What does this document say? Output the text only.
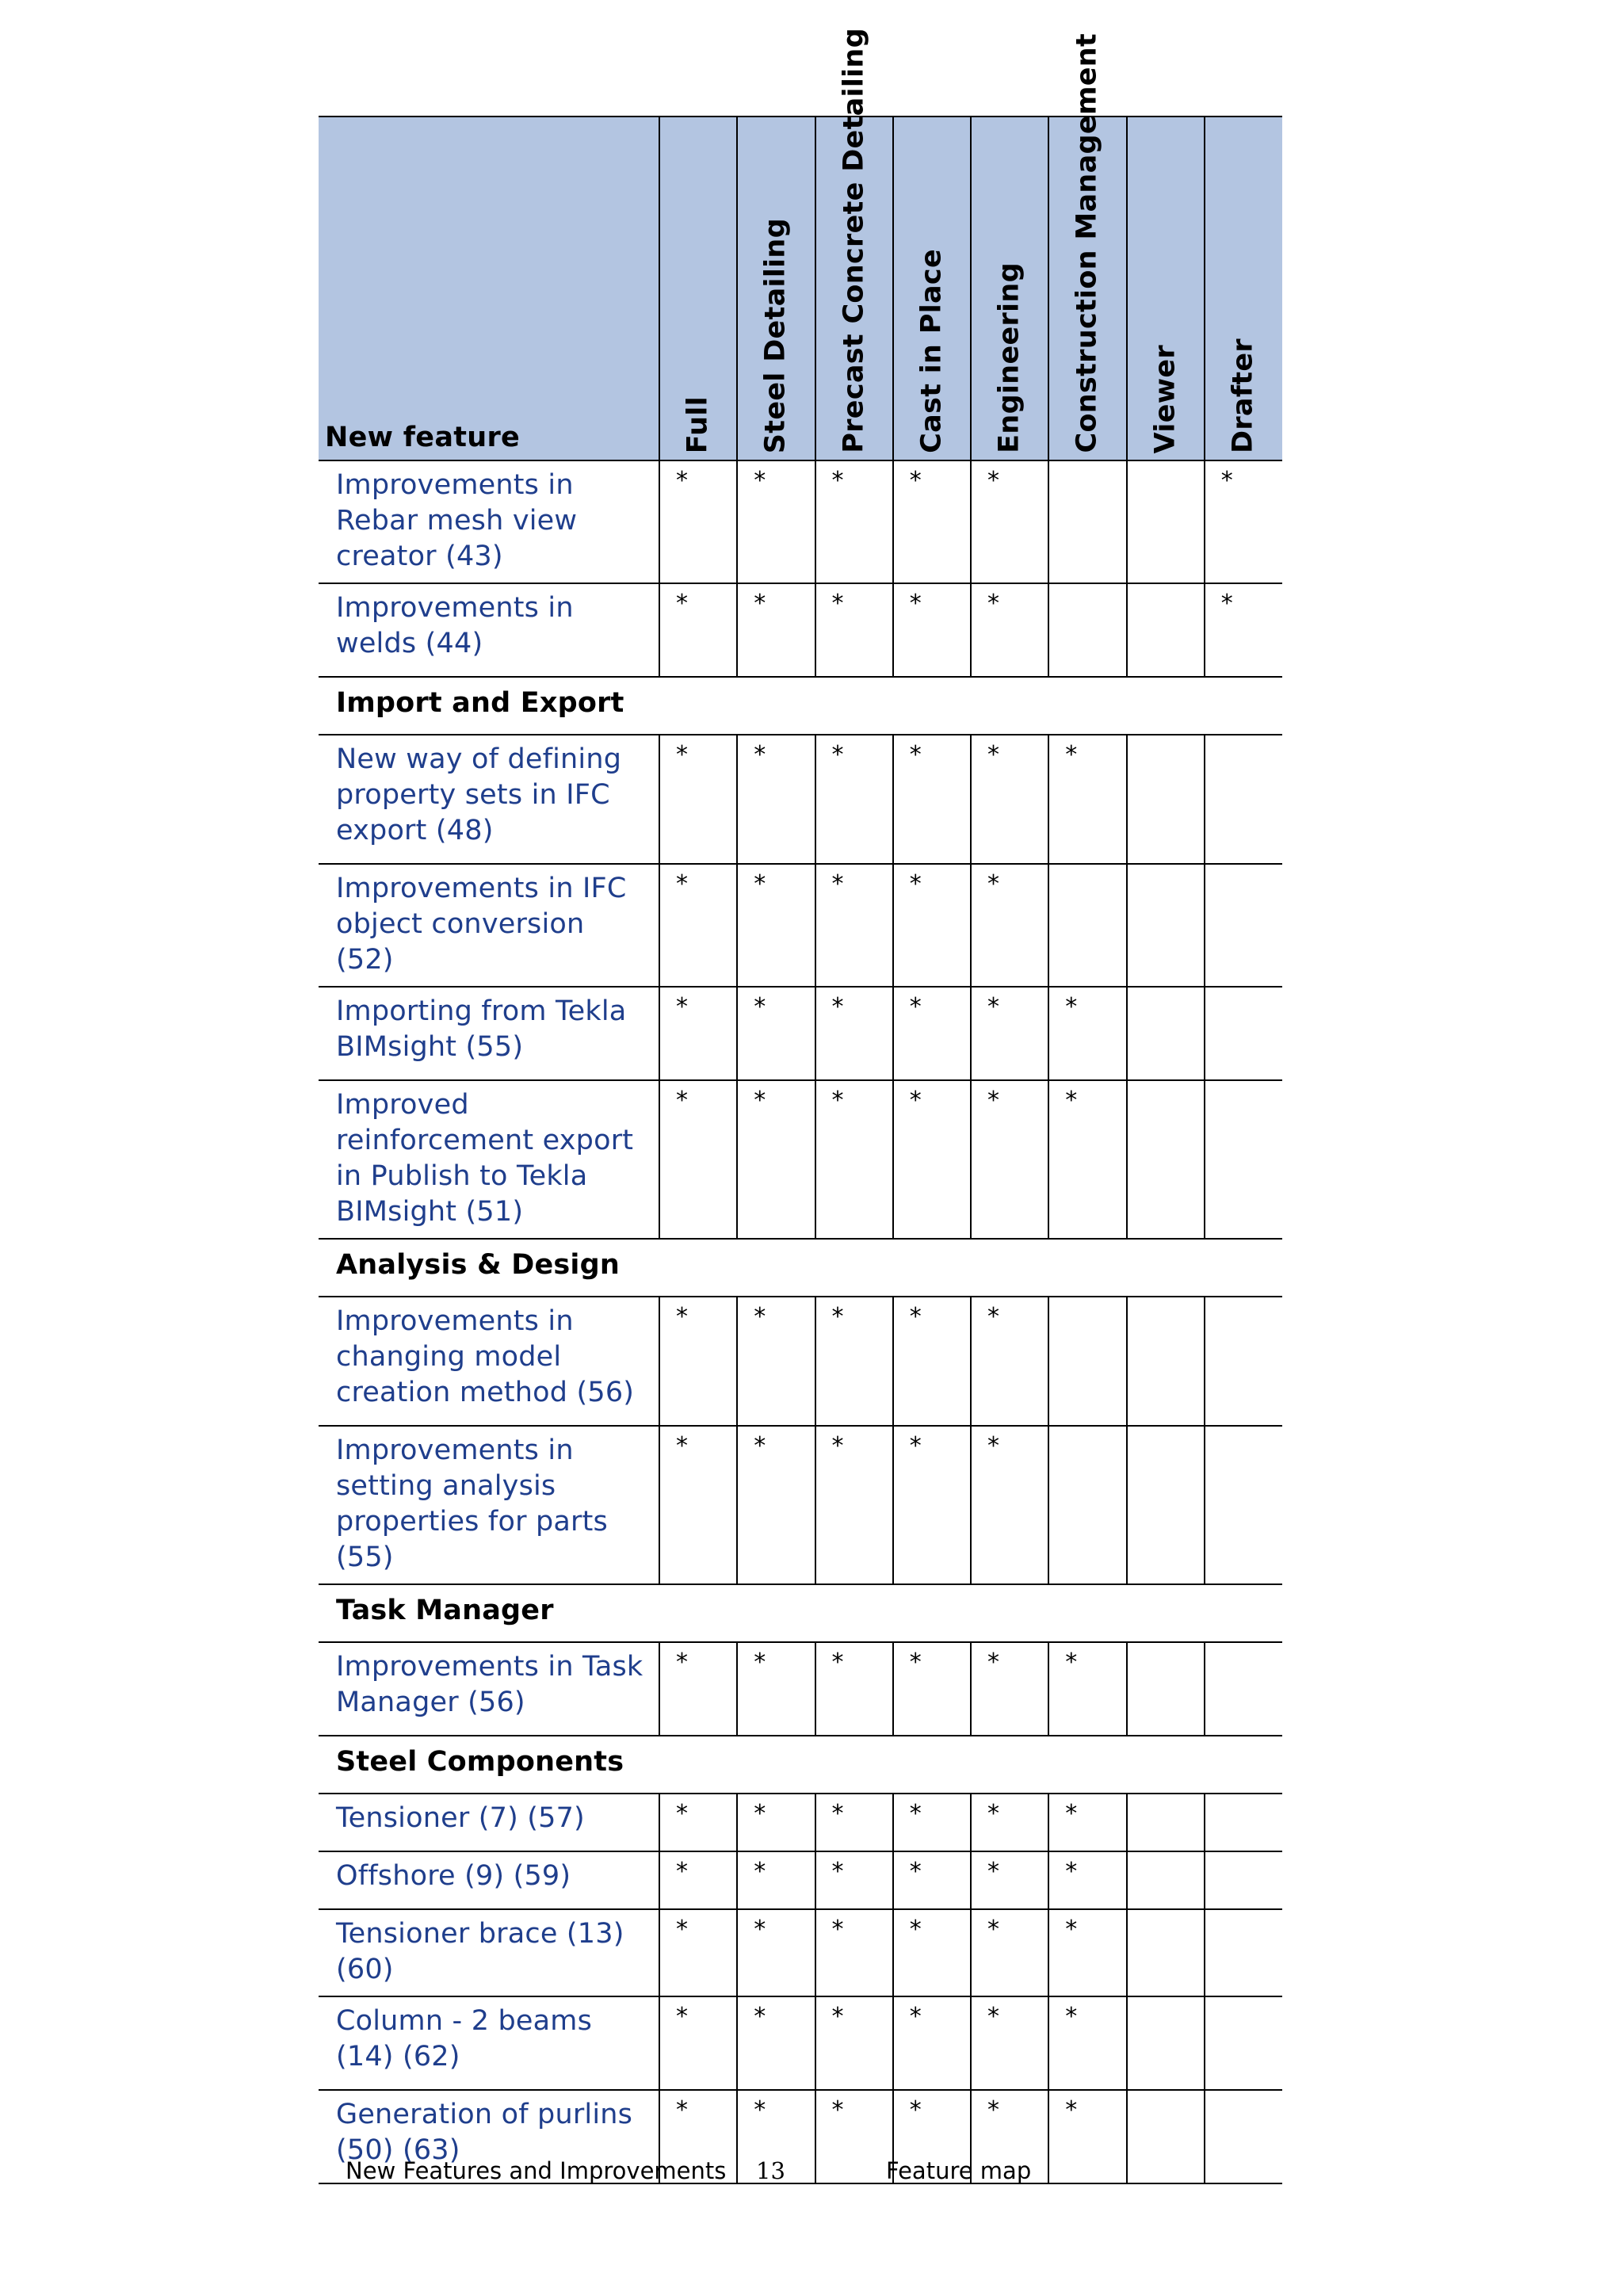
New feature	Full	Steel Detailing	Precast Concrete Detailing	Cast in Place	Engineering	Construction Management	Viewer	Drafter

Improvements in Rebar mesh view creator (43)	*	*	*	*	*			*
Improvements in welds (44)	*	*	*	*	*			*
Import and Export								
New way of defining property sets in IFC export (48)	*	*	*	*	*	*		
Improvements in IFC object conversion (52)	*	*	*	*	*			
Importing from Tekla BIMsight (55)	*	*	*	*	*	*		
Improved reinforcement export in Publish to Tekla BIMsight (51)	*	*	*	*	*	*		
Analysis & Design								
Improvements in changing model creation method (56)	*	*	*	*	*			
Improvements in setting analysis properties for parts (55)	*	*	*	*	*			
Task Manager								
Improvements in Task Manager (56)	*	*	*	*	*	*		
Steel Components								
Tensioner (7) (57)	*	*	*	*	*	*		
Offshore (9) (59)	*	*	*	*	*	*		
Tensioner brace (13) (60)	*	*	*	*	*	*		
Column - 2 beams (14) (62)	*	*	*	*	*	*		
Generation of purlins (50) (63)	*	*	*	*	*	*		
New Features and Improvements 13	Feature map
